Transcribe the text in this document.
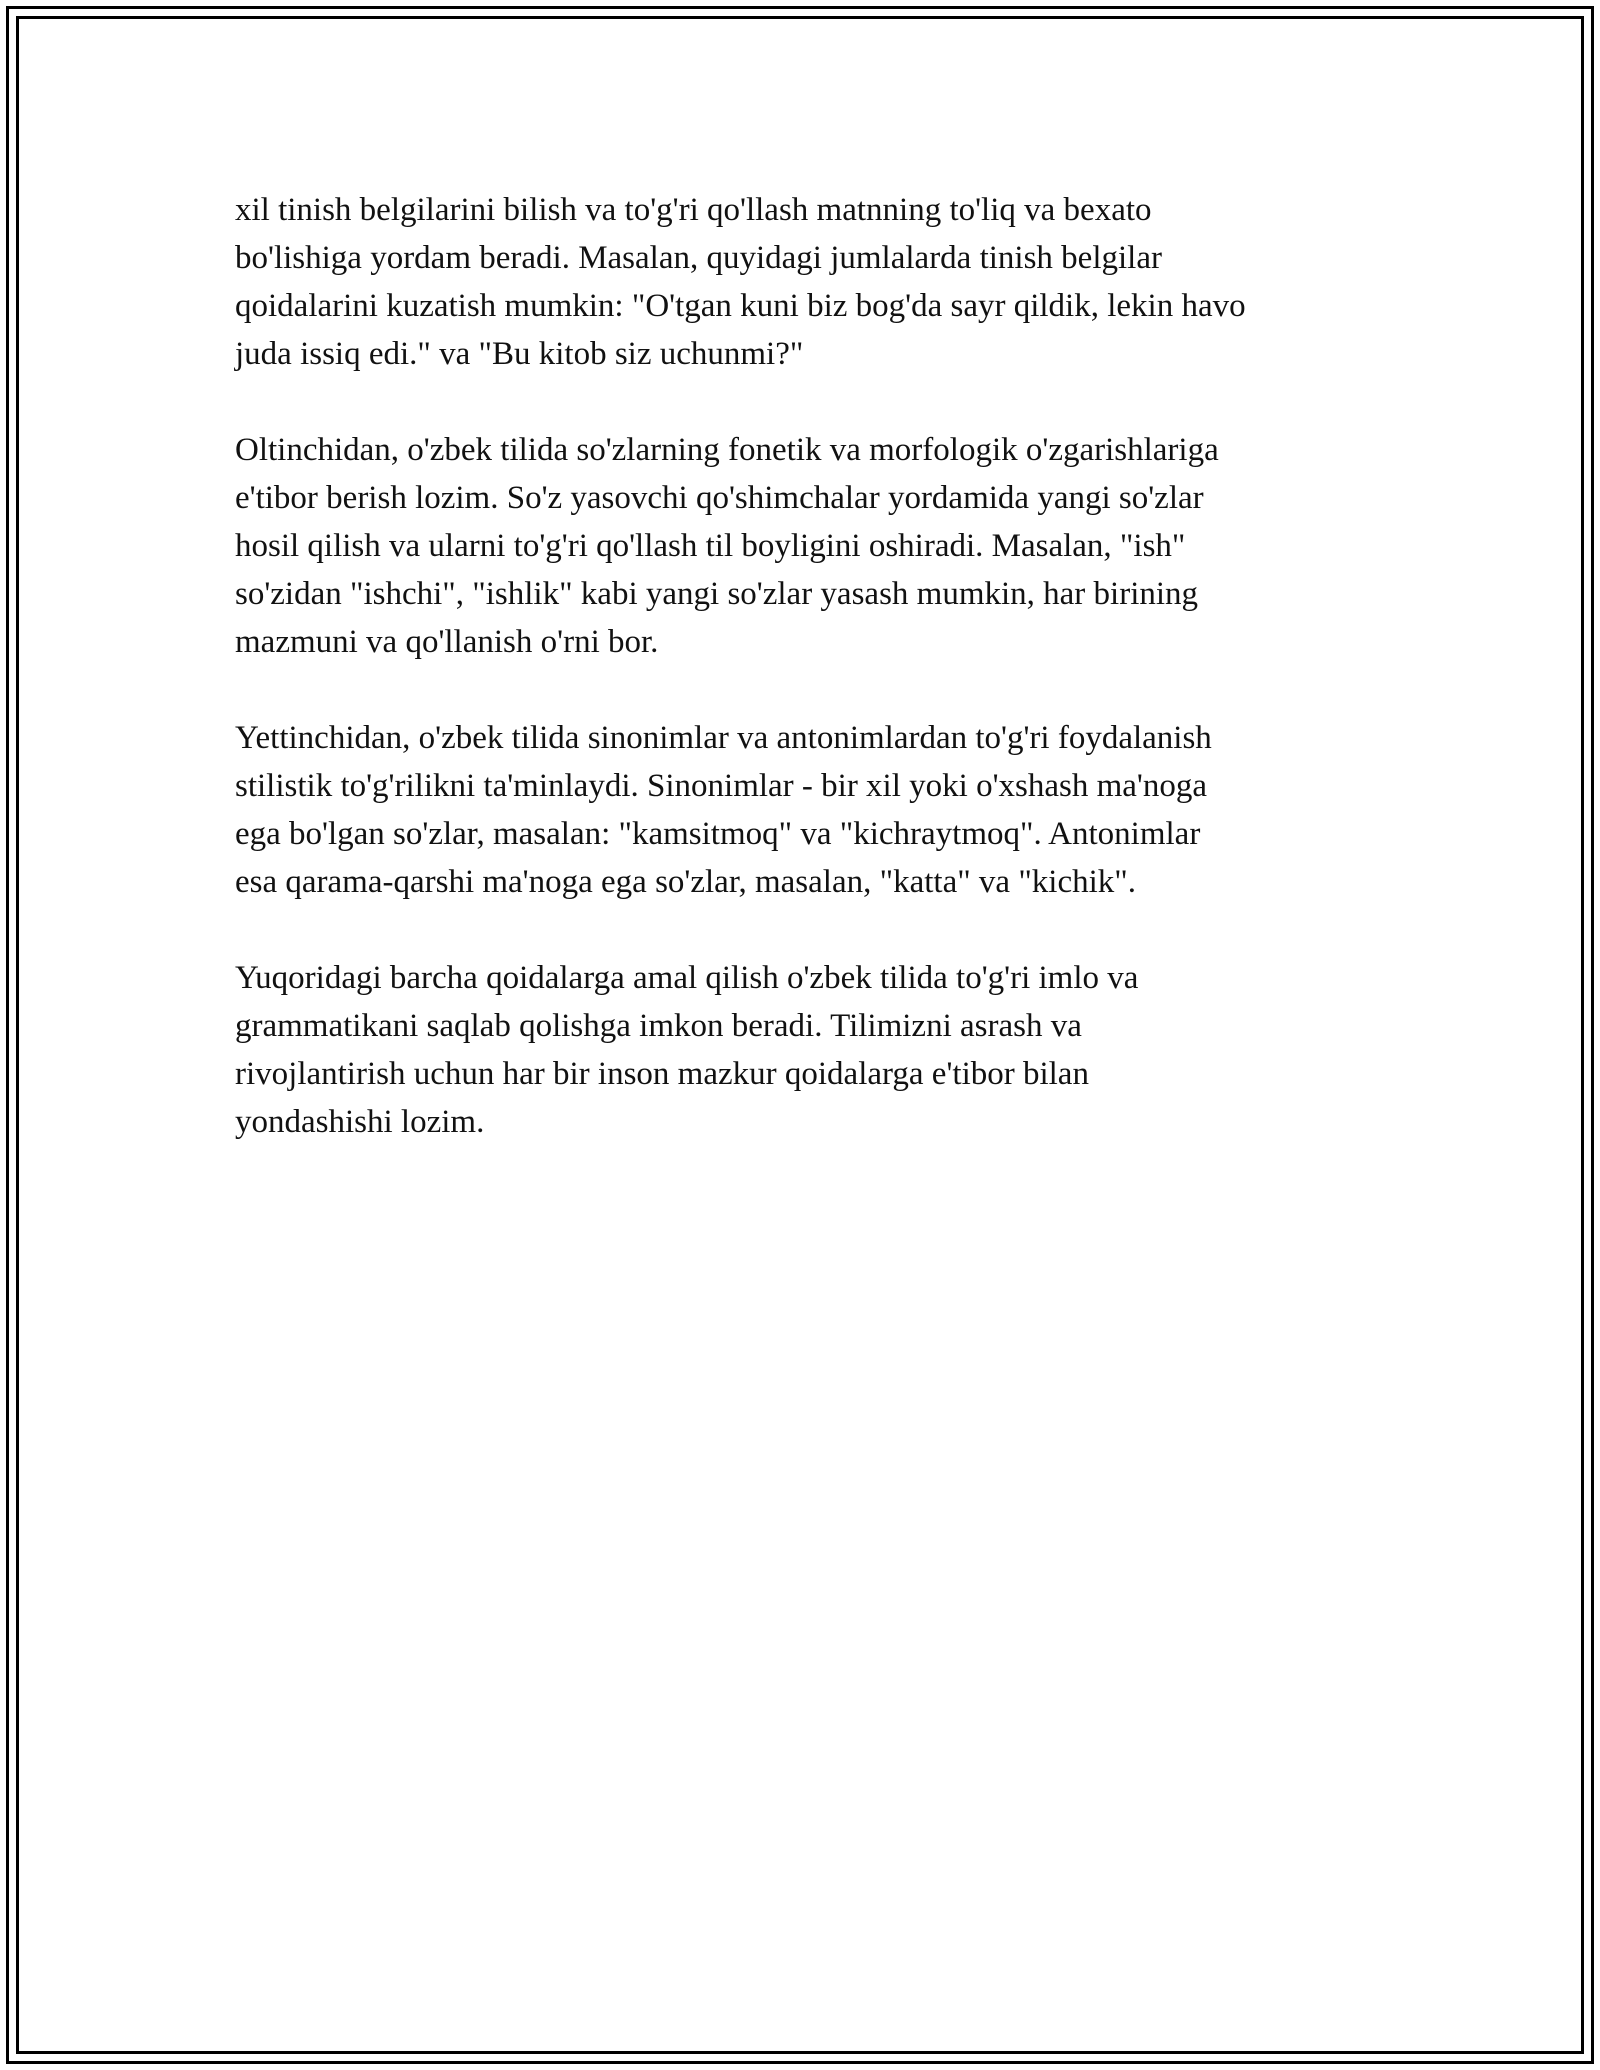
xil tinish belgilarini bilish va to'g'ri qo'llash matnning to'liq va bexato
bo'lishiga yordam beradi. Masalan, quyidagi jumlalarda tinish belgilar
qoidalarini kuzatish mumkin: "O'tgan kuni biz bog'da sayr qildik, lekin havo
juda issiq edi." va "Bu kitob siz uchunmi?"

Oltinchidan, o'zbek tilida so'zlarning fonetik va morfologik o'zgarishlariga
e'tibor berish lozim. So'z yasovchi qo'shimchalar yordamida yangi so'zlar
hosil qilish va ularni to'g'ri qo'llash til boyligini oshiradi. Masalan, "ish"
so'zidan "ishchi", "ishlik" kabi yangi so'zlar yasash mumkin, har birining
mazmuni va qo'llanish o'rni bor.

Yettinchidan, o'zbek tilida sinonimlar va antonimlardan to'g'ri foydalanish
stilistik to'g'rilikni ta'minlaydi. Sinonimlar - bir xil yoki o'xshash ma'noga
ega bo'lgan so'zlar, masalan: "kamsitmoq" va "kichraytmoq". Antonimlar
esa qarama-qarshi ma'noga ega so'zlar, masalan, "katta" va "kichik".

Yuqoridagi barcha qoidalarga amal qilish o'zbek tilida to'g'ri imlo va
grammatikani saqlab qolishga imkon beradi. Tilimizni asrash va
rivojlantirish uchun har bir inson mazkur qoidalarga e'tibor bilan
yondashishi lozim.
